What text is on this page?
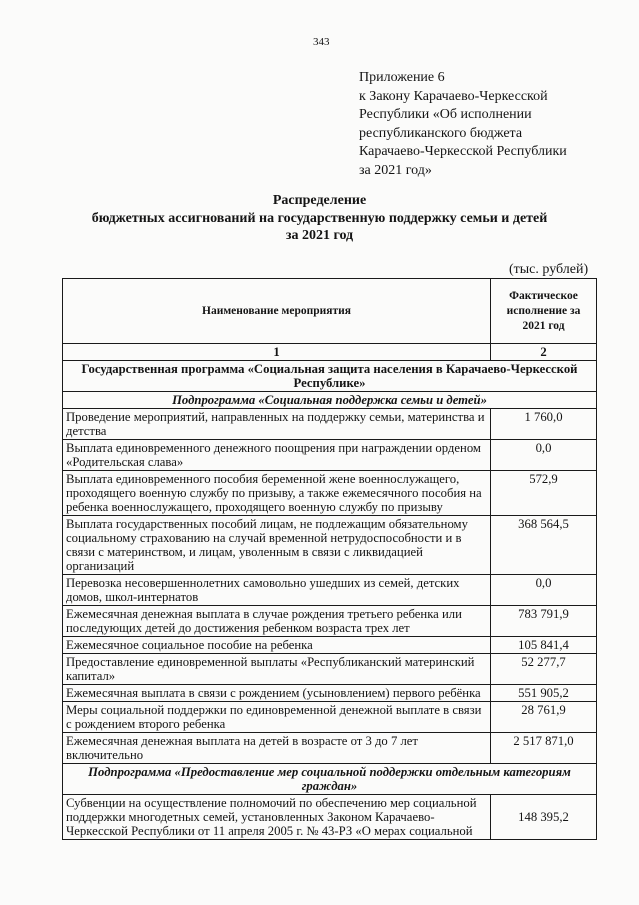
343
Приложение 6
к Закону Карачаево-Черкесской
Республики «Об исполнении
республиканского бюджета
Карачаево-Черкесской Республики
за 2021 год»
Распределение
бюджетных ассигнований на государственную поддержку семьи и детей
за 2021 год
(тыс. рублей)
Наименование мероприятия	Фактическое исполнение за 2021 год
1	2
Государственная программа «Социальная защита населения в Карачаево-Черкесской Республике»	
Подпрограмма «Социальная поддержка семьи и детей»	
Проведение мероприятий, направленных на поддержку семьи, материнства и детства	1 760,0
Выплата единовременного денежного поощрения при награждении орденом «Родительская слава»	0,0
Выплата единовременного пособия беременной жене военнослужащего, проходящего военную службу по призыву, а также ежемесячного пособия на ребенка военнослужащего, проходящего военную службу по призыву	572,9
Выплата государственных пособий лицам, не подлежащим обязательному социальному страхованию на случай временной нетрудоспособности и в связи с материнством, и лицам, уволенным в связи с ликвидацией организаций	368 564,5
Перевозка несовершеннолетних самовольно ушедших из семей, детских домов, школ-интернатов	0,0
Ежемесячная денежная выплата в случае рождения третьего ребенка или последующих детей до достижения ребенком возраста трех лет	783 791,9
Ежемесячное социальное пособие на ребенка	105 841,4
Предоставление единовременной выплаты «Республиканский материнский капитал»	52 277,7
Ежемесячная выплата в связи с рождением (усыновлением) первого ребёнка	551 905,2
Меры социальной поддержки по единовременной денежной выплате в связи с рождением второго ребенка	28 761,9
Ежемесячная денежная выплата на детей в возрасте от 3 до 7 лет включительно	2 517 871,0
Подпрограмма «Предоставление мер социальной поддержки отдельным категориям граждан»	
Субвенции на осуществление полномочий по обеспечению мер социальной поддержки многодетных семей, установленных Законом Карачаево-Черкесской Республики от 11 апреля 2005 г. № 43-РЗ «О мерах социальной	148 395,2
